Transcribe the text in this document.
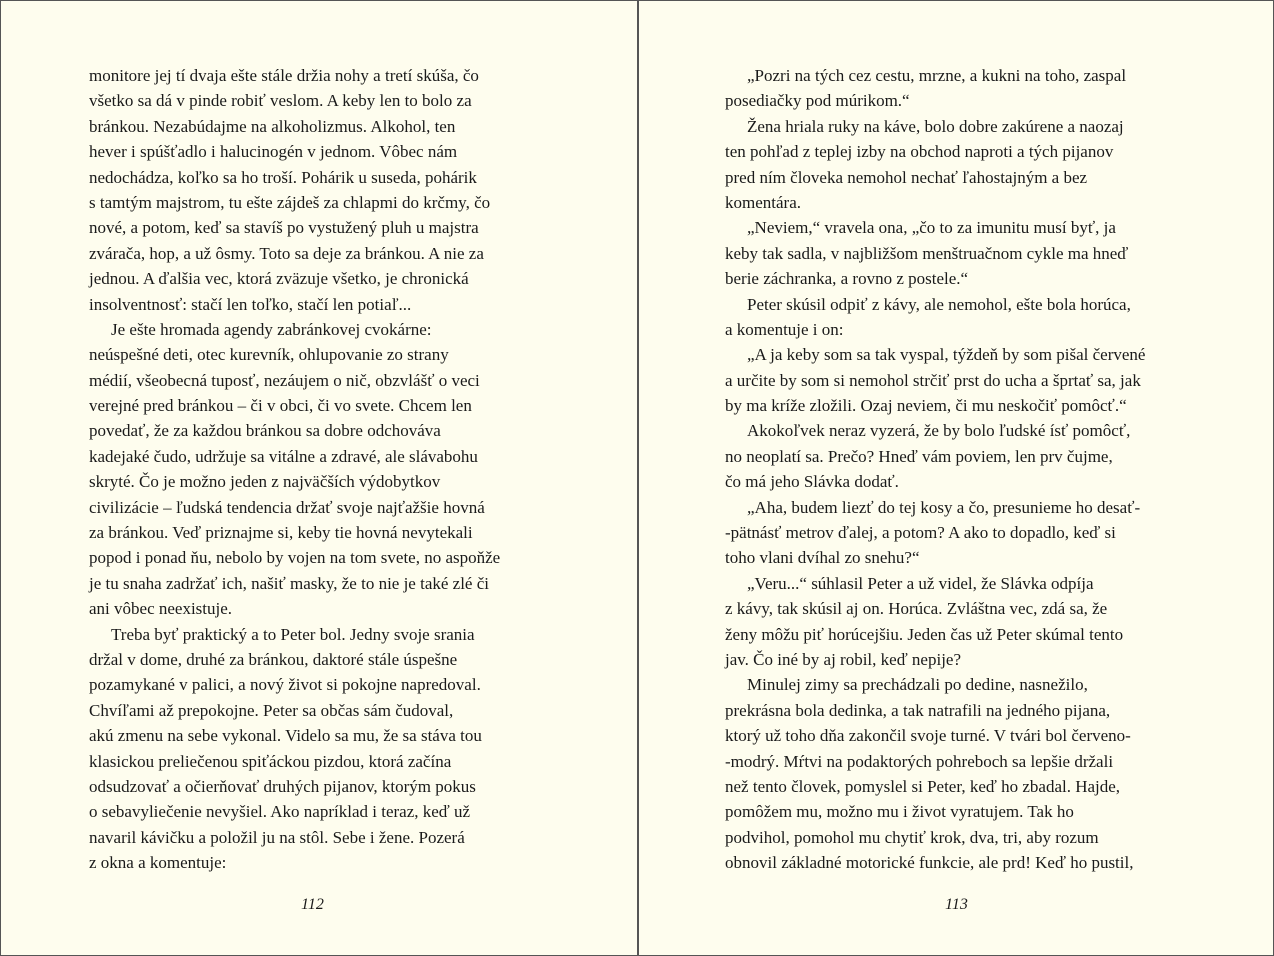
monitore jej tí dvaja ešte stále držia nohy a tretí skúša, čo
všetko sa dá v pinde robiť veslom. A keby len to bolo za
bránkou. Nezabúdajme na alkoholizmus. Alkohol, ten
hever i spúšťadlo i halucinogén v jednom. Vôbec nám
nedochádza, koľko sa ho troší. Pohárik u suseda, pohárik
s tamtým majstrom, tu ešte zájdeš za chlapmi do krčmy, čo
nové, a potom, keď sa stavíš po vystužený pluh u majstra
zvárača, hop, a už ôsmy. Toto sa deje za bránkou. A nie za
jednou. A ďalšia vec, ktorá zväzuje všetko, je chronická
insolventnosť: stačí len toľko, stačí len potiaľ...
Je ešte hromada agendy zabránkovej cvokárne:
neúspešné deti, otec kurevník, ohlupovanie zo strany
médií, všeobecná tuposť, nezáujem o nič, obzvlášť o veci
verejné pred bránkou – či v obci, či vo svete. Chcem len
povedať, že za každou bránkou sa dobre odchováva
kadejaké čudo, udržuje sa vitálne a zdravé, ale slávabohu
skryté. Čo je možno jeden z najväčších výdobytkov
civilizácie – ľudská tendencia držať svoje najťažšie hovná
za bránkou. Veď priznajme si, keby tie hovná nevytekali
popod i ponad ňu, nebolo by vojen na tom svete, no aspoňže
je tu snaha zadržať ich, našiť masky, že to nie je také zlé či
ani vôbec neexistuje.
Treba byť praktický a to Peter bol. Jedny svoje srania
držal v dome, druhé za bránkou, daktoré stále úspešne
pozamykané v palici, a nový život si pokojne napredoval.
Chvíľami až prepokojne. Peter sa občas sám čudoval,
akú zmenu na sebe vykonal. Videlo sa mu, že sa stáva tou
klasickou preliečenou spiťáckou pizdou, ktorá začína
odsudzovať a očierňovať druhých pijanov, ktorým pokus
o sebavyliečenie nevyšiel. Ako napríklad i teraz, keď už
navaril kávičku a položil ju na stôl. Sebe i žene. Pozerá
z okna a komentuje:
„Pozri na tých cez cestu, mrzne, a kukni na toho, zaspal
posediačky pod múrikom.“
Žena hriala ruky na káve, bolo dobre zakúrene a naozaj
ten pohľad z teplej izby na obchod naproti a tých pijanov
pred ním človeka nemohol nechať ľahostajným a bez
komentára.
„Neviem,“ vravela ona, „čo to za imunitu musí byť, ja
keby tak sadla, v najbližšom menštruačnom cykle ma hneď
berie záchranka, a rovno z postele.“
Peter skúsil odpiť z kávy, ale nemohol, ešte bola horúca,
a komentuje i on:
„A ja keby som sa tak vyspal, týždeň by som pišal červené
a určite by som si nemohol strčiť prst do ucha a šprtať sa, jak
by ma kríže zložili. Ozaj neviem, či mu neskočiť pomôcť.“
Akokoľvek neraz vyzerá, že by bolo ľudské ísť pomôcť,
no neoplatí sa. Prečo? Hneď vám poviem, len prv čujme,
čo má jeho Slávka dodať.
„Aha, budem liezť do tej kosy a čo, presunieme ho desať-
-pätnásť metrov ďalej, a potom? A ako to dopadlo, keď si
toho vlani dvíhal zo snehu?“
„Veru...“ súhlasil Peter a už videl, že Slávka odpíja
z kávy, tak skúsil aj on. Horúca. Zvláštna vec, zdá sa, že
ženy môžu piť horúcejšiu. Jeden čas už Peter skúmal tento
jav. Čo iné by aj robil, keď nepije?
Minulej zimy sa prechádzali po dedine, nasnežilo,
prekrásna bola dedinka, a tak natrafili na jedného pijana,
ktorý už toho dňa zakončil svoje turné. V tvári bol červeno-
-modrý. Mŕtvi na podaktorých pohreboch sa lepšie držali
než tento človek, pomyslel si Peter, keď ho zbadal. Hajde,
pomôžem mu, možno mu i život vyratujem. Tak ho
podvihol, pomohol mu chytiť krok, dva, tri, aby rozum
obnovil základné motorické funkcie, ale prd! Keď ho pustil,
112	113
